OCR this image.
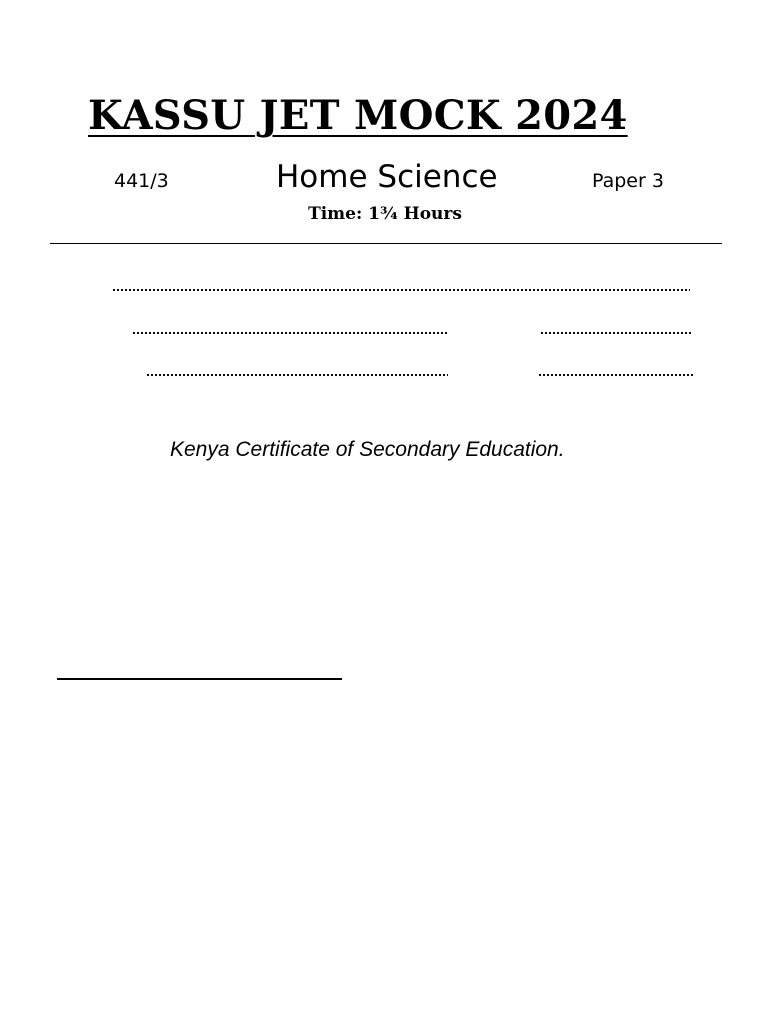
KASSU JET MOCK 2024
441/3	Home Science	Paper 3
Time: 1¾ Hours
Kenya Certificate of Secondary Education.
